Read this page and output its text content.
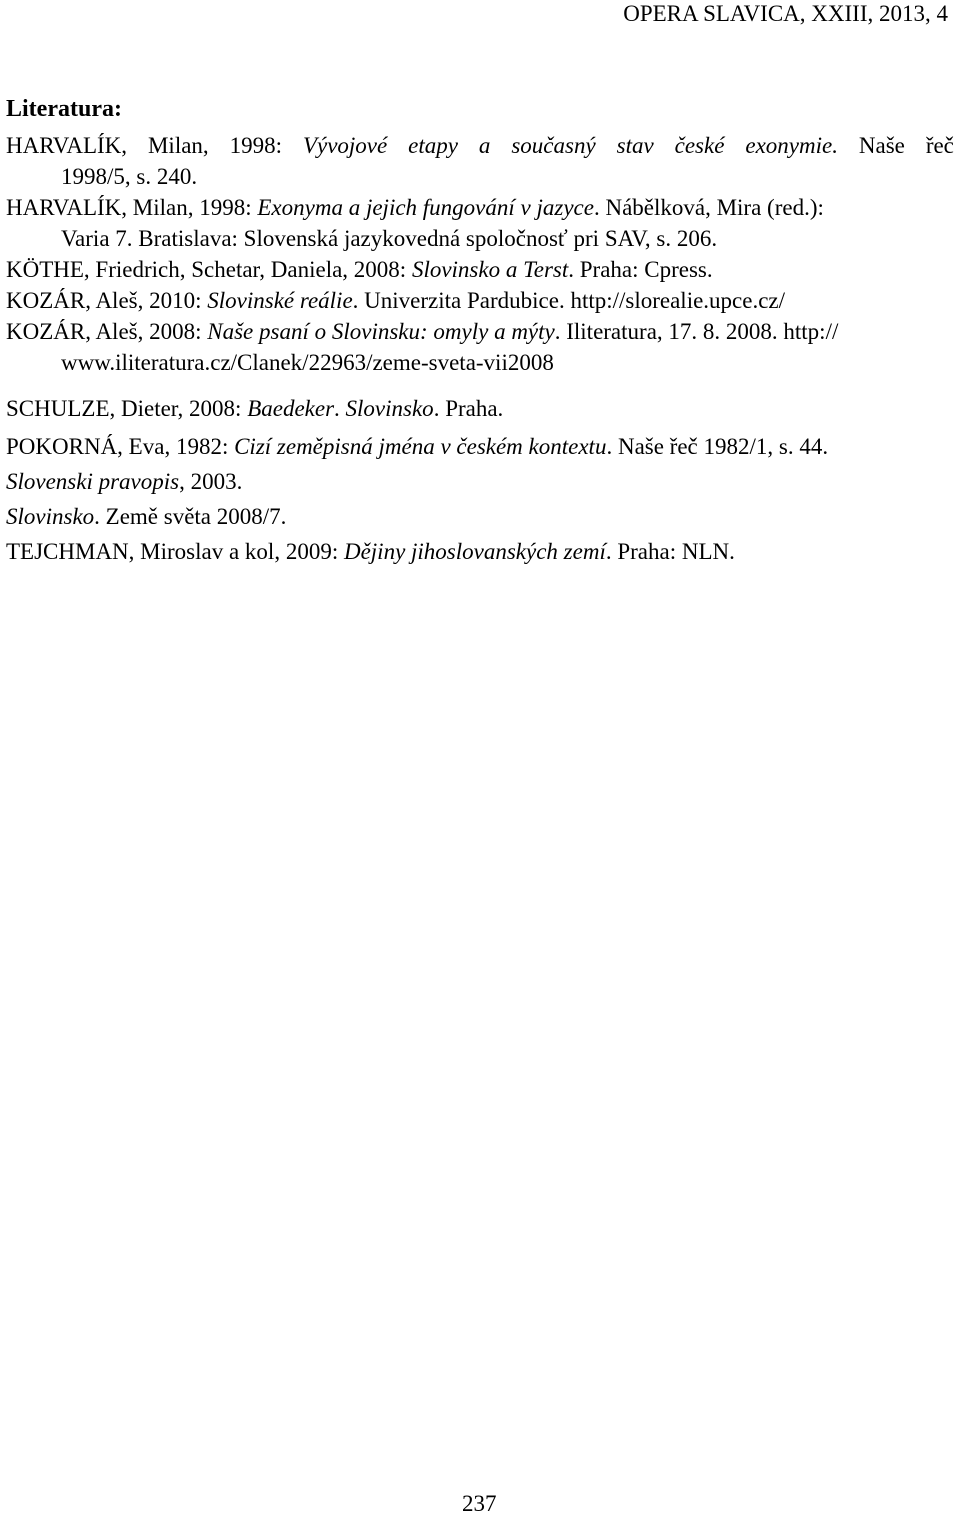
OPERA SLAVICA, XXIII, 2013, 4
Literatura:
HARVALÍK, Milan, 1998: Vývojové etapy a současný stav české exonymie. Naše řeč
1998/5, s. 240.
HARVALÍK, Milan, 1998: Exonyma a jejich fungování v jazyce. Nábělková, Mira (red.):
Varia 7. Bratislava: Slovenská jazykovedná spoločnosť pri SAV, s. 206.
KÖTHE, Friedrich, Schetar, Daniela, 2008: Slovinsko a Terst. Praha: Cpress.
KOZÁR, Aleš, 2010: Slovinské reálie. Univerzita Pardubice. http://slorealie.upce.cz/
KOZÁR, Aleš, 2008: Naše psaní o Slovinsku: omyly a mýty. Iliteratura, 17. 8. 2008. http://
www.iliteratura.cz/Clanek/22963/zeme-sveta-vii2008
SCHULZE, Dieter, 2008: Baedeker. Slovinsko. Praha.
POKORNÁ, Eva, 1982: Cizí zeměpisná jména v českém kontextu. Naše řeč 1982/1, s. 44.
Slovenski pravopis, 2003.
Slovinsko. Země světa 2008/7.
TEJCHMAN, Miroslav a kol, 2009: Dějiny jihoslovanských zemí. Praha: NLN.
237
